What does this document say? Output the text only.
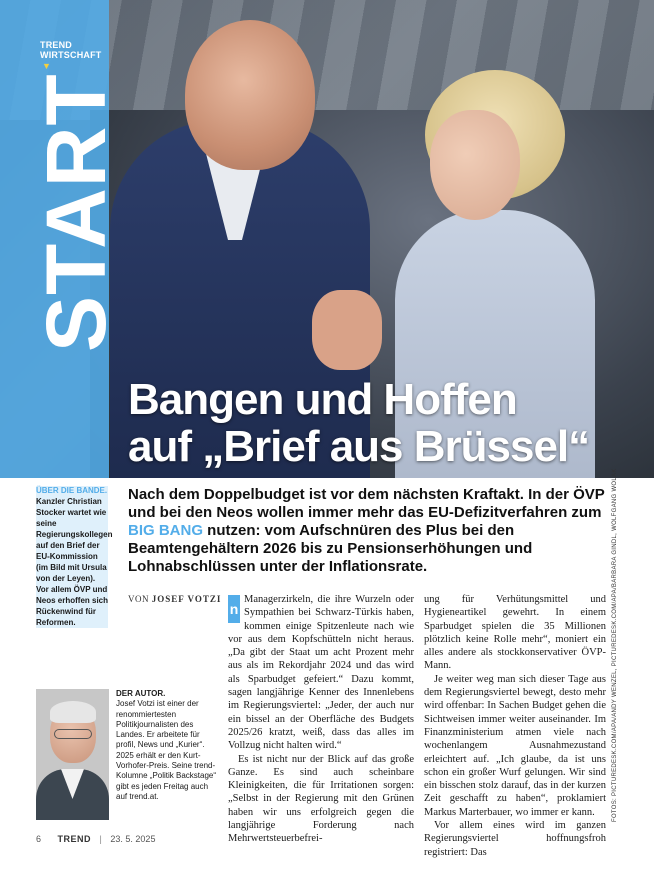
TREND
WIRTSCHAFT
▼
START
Bangen und Hoffen
auf „Brief aus Brüssel“
ÜBER DIE BANDE.
Kanzler Christian Stocker wartet wie seine Regierungskollegen auf den Brief der EU-Kommission (im Bild mit Ursula von der Leyen). Vor allem ÖVP und Neos erhoffen sich Rückenwind für Reformen.

Nach dem Doppelbudget ist vor dem nächsten Kraftakt. In der ÖVP und bei den Neos wollen immer mehr das EU-Defizitverfahren zum BIG BANG nutzen: vom Aufschnüren des Plus bei den Beamtengehältern 2026 bis zu Pensionserhöhungen und Lohnabschlüssen unter der Inflationsrate.

VON JOSEF VOTZI
n

Managerzirkeln, die ihre Wurzeln oder Sympathien bei Schwarz-Türkis haben, kommen einige Spitzenleute nach wie vor aus dem Kopfschütteln nicht heraus. „Da gibt der Staat um acht Prozent mehr aus als im Rekordjahr 2024 und das wird als Sparbudget gefeiert.“ Dazu kommt, sagen langjährige Kenner des Innenlebens im Regierungsviertel: „Jeder, der auch nur ein bissel an der Oberfläche des Budgets 2025/26 kratzt, weiß, dass das alles im Vollzug nicht halten wird.“

Es ist nicht nur der Blick auf das große Ganze. Es sind auch scheinbare Kleinigkeiten, die für Irritationen sorgen: „Selbst in der Regierung mit den Grünen haben wir uns erfolgreich gegen die langjährige Forderung nach Mehrwertsteuerbefrei-

ung für Verhütungsmittel und Hygieneartikel gewehrt. In einem Sparbudget spielen die 35 Millionen plötzlich keine Rolle mehr“, moniert ein alles andere als stockkonservativer ÖVP-Mann.

Je weiter weg man sich dieser Tage aus dem Regierungsviertel bewegt, desto mehr wird offenbar: In Sachen Budget gehen die Sichtweisen immer weiter auseinander. Im Finanzministerium atmen viele nach wochenlangem Ausnahmezustand erleichtert auf. „Ich glaube, da ist uns schon ein großer Wurf gelungen. Wir sind ein bisschen stolz darauf, das in der kurzen Zeit geschafft zu haben“, proklamiert Markus Marterbauer, wo immer er kann.

Vor allem eines wird im ganzen Regierungsviertel hoffnungsfroh registriert: Das

DER AUTOR.
Josef Votzi ist einer der renommiertesten Politikjournalisten des Landes. Er arbeitete für profil, News und „Kurier“. 2025 erhält er den Kurt-Vorhofer-Preis. Seine trend-Kolumne „Politik Backstage“ gibt es jeden Freitag auch auf trend.at.	FOTOS: PICTUREDESK.COM/APA/ANDY WENZEL, PICTUREDESK.COM/APA/BARBARA GINDL, WOLFGANG WOLAK
6 TREND | 23. 5. 2025
